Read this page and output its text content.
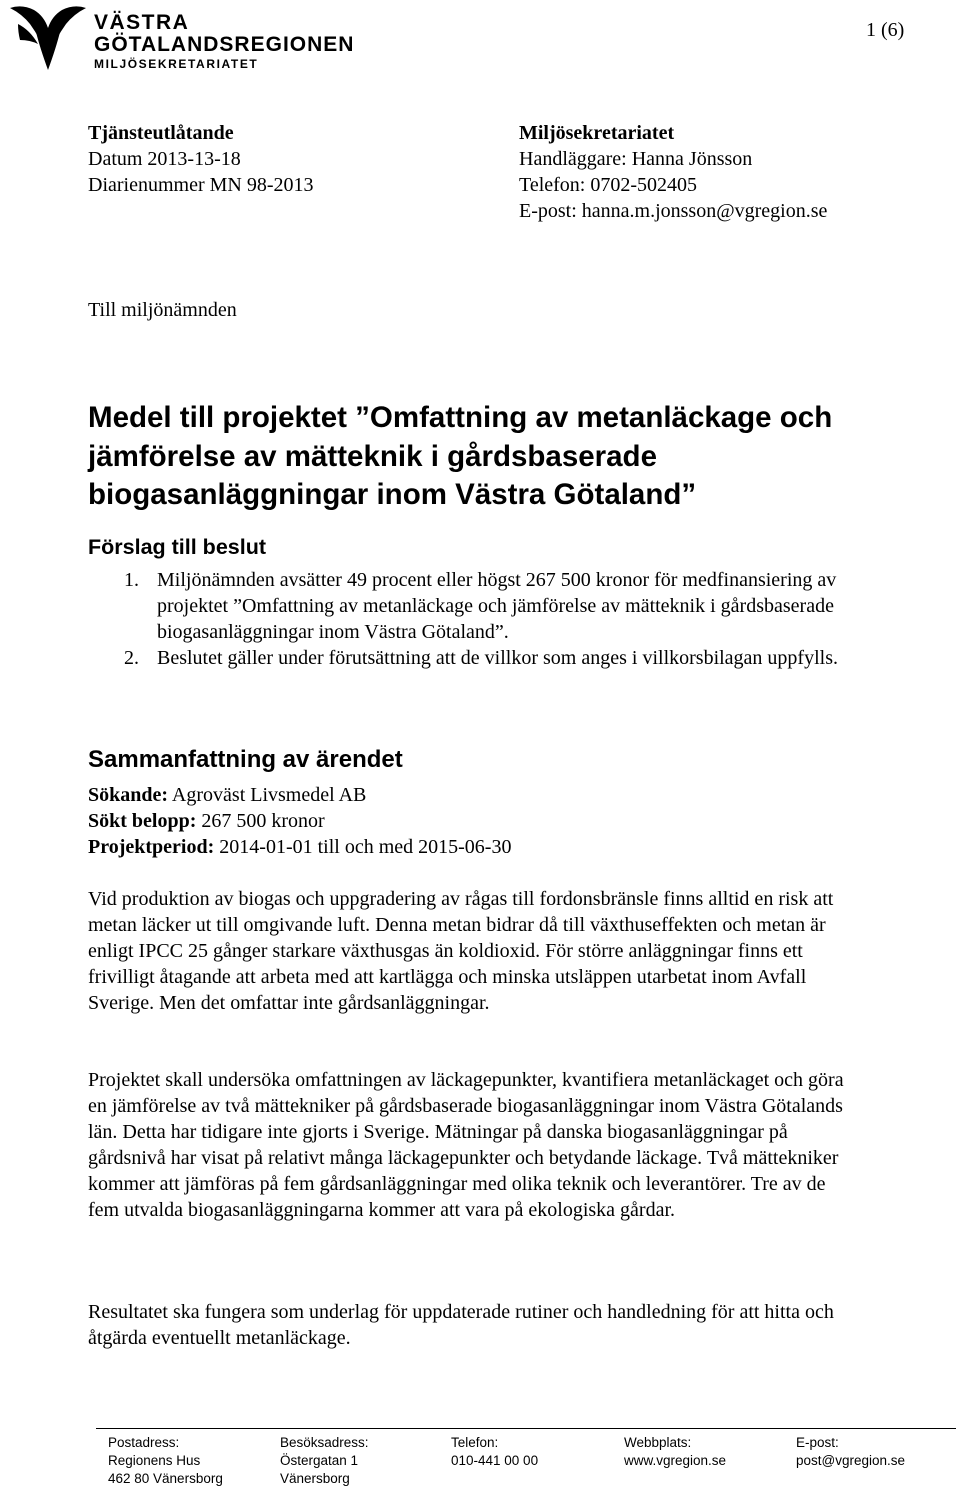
VÄSTRA
GÖTALANDSREGIONEN
MILJÖSEKRETARIATET
1 (6)
Tjänsteutlåtande
Datum 2013-13-18
Diarienummer MN 98-2013
Miljösekretariatet
Handläggare: Hanna Jönsson
Telefon: 0702-502405
E-post: hanna.m.jonsson@vgregion.se
Till miljönämnden
Medel till projektet ”Omfattning av metanläckage och jämförelse av mätteknik i gårdsbaserade biogasanläggningar inom Västra Götaland”
Förslag till beslut
1. Miljönämnden avsätter 49 procent eller högst 267 500 kronor för medfinansiering av projektet ”Omfattning av metanläckage och jämförelse av mätteknik i gårdsbaserade biogasanläggningar inom Västra Götaland”.
2. Beslutet gäller under förutsättning att de villkor som anges i villkorsbilagan uppfylls.
Sammanfattning av ärendet
Sökande: Agroväst Livsmedel AB
Sökt belopp: 267 500 kronor
Projektperiod: 2014-01-01 till och med 2015-06-30

Vid produktion av biogas och uppgradering av rågas till fordonsbränsle finns alltid en risk att metan läcker ut till omgivande luft. Denna metan bidrar då till växthuseffekten och metan är enligt IPCC 25 gånger starkare växthusgas än koldioxid. För större anläggningar finns ett frivilligt åtagande att arbeta med att kartlägga och minska utsläppen utarbetat inom Avfall Sverige. Men det omfattar inte gårdsanläggningar.

Projektet skall undersöka omfattningen av läckagepunkter, kvantifiera metanläckaget och göra en jämförelse av två mättekniker på gårdsbaserade biogasanläggningar inom Västra Götalands län. Detta har tidigare inte gjorts i Sverige. Mätningar på danska biogasanläggningar på gårdsnivå har visat på relativt många läckagepunkter och betydande läckage. Två mättekniker kommer att jämföras på fem gårdsanläggningar med olika teknik och leverantörer. Tre av de fem utvalda biogasanläggningarna kommer att vara på ekologiska gårdar.

Resultatet ska fungera som underlag för uppdaterade rutiner och handledning för att hitta och åtgärda eventuellt metanläckage.

Postadress:
Regionens Hus
462 80 Vänersborg
Besöksadress:
Östergatan 1
Vänersborg
Telefon:
010-441 00 00
Webbplats:
www.vgregion.se
E-post:
post@vgregion.se
